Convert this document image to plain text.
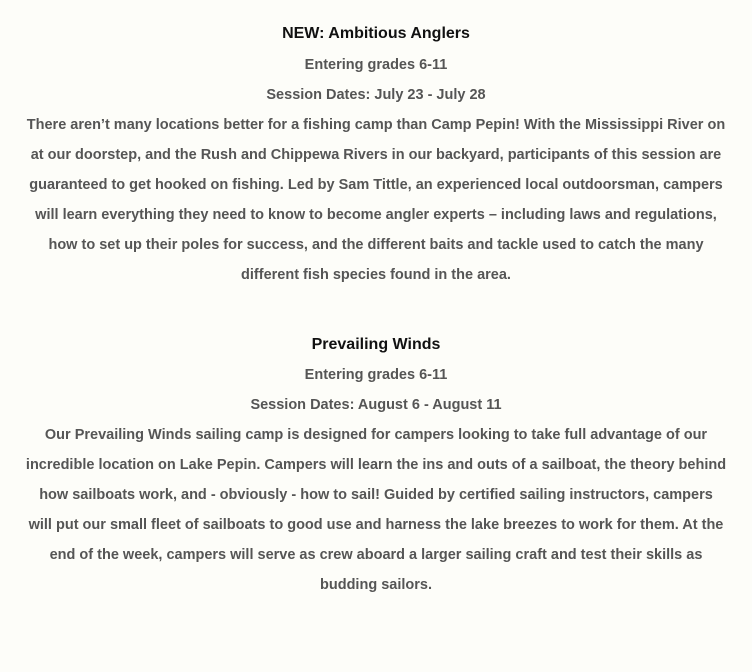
NEW: Ambitious Anglers
Entering grades 6-11
Session Dates: July 23 - July 28
There aren’t many locations better for a fishing camp than Camp Pepin! With the Mississippi River on
at our doorstep, and the Rush and Chippewa Rivers in our backyard, participants of this session are
guaranteed to get hooked on fishing. Led by Sam Tittle, an experienced local outdoorsman, campers
will learn everything they need to know to become angler experts – including laws and regulations,
how to set up their poles for success, and the different baits and tackle used to catch the many
different fish species found in the area.
Prevailing Winds
Entering grades 6-11
Session Dates: August 6 - August 11
Our Prevailing Winds sailing camp is designed for campers looking to take full advantage of our
incredible location on Lake Pepin. Campers will learn the ins and outs of a sailboat, the theory behind
how sailboats work, and - obviously - how to sail! Guided by certified sailing instructors, campers
will put our small fleet of sailboats to good use and harness the lake breezes to work for them. At the
end of the week, campers will serve as crew aboard a larger sailing craft and test their skills as
budding sailors.
